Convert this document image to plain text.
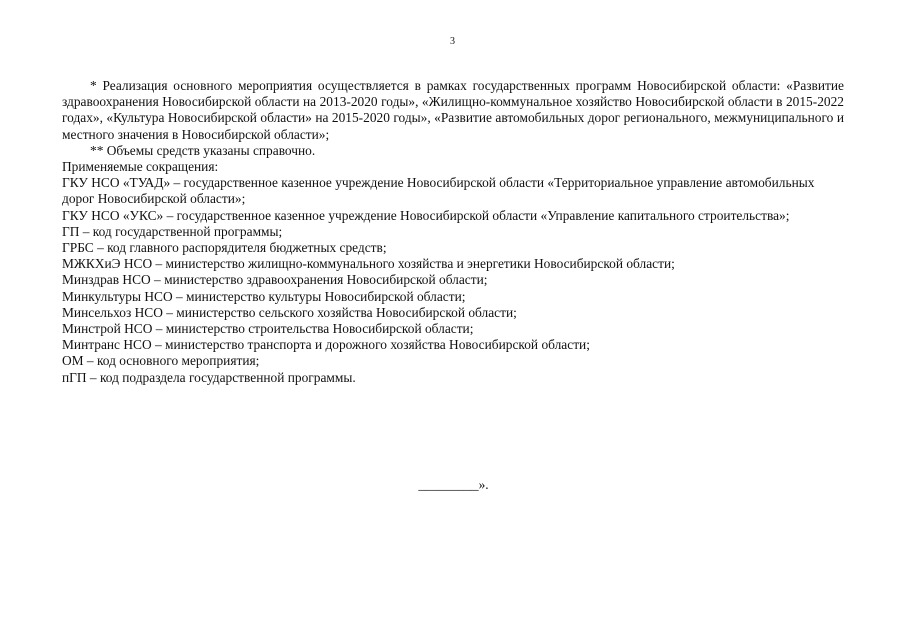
3

* Реализация основного мероприятия осуществляется в рамках государственных программ Новосибирской области: «Развитие здравоохранения Новосибирской области на 2013-2020 годы», «Жилищно-коммунальное хозяйство Новосибирской области в 2015-2022 годах», «Культура Новосибирской области» на 2015-2020 годы», «Развитие автомобильных дорог регионального, межмуниципального и местного значения в Новосибирской области»;

** Объемы средств указаны справочно.

Применяемые сокращения:

ГКУ НСО «ТУАД» – государственное казенное учреждение Новосибирской области «Территориальное управление автомобильных дорог Новосибирской области»;

ГКУ НСО «УКС» – государственное казенное учреждение Новосибирской области «Управление капитального строительства»;

ГП – код государственной программы;

ГРБС – код главного распорядителя бюджетных средств;

МЖКХиЭ НСО – министерство жилищно-коммунального хозяйства и энергетики Новосибирской области;

Минздрав НСО – министерство здравоохранения Новосибирской области;

Минкультуры НСО – министерство культуры Новосибирской области;

Минсельхоз НСО – министерство сельского хозяйства Новосибирской области;

Минстрой НСО – министерство строительства Новосибирской области;

Минтранс НСО – министерство транспорта и дорожного хозяйства Новосибирской области;

ОМ – код основного мероприятия;

пГП – код подраздела государственной программы.

_________».
